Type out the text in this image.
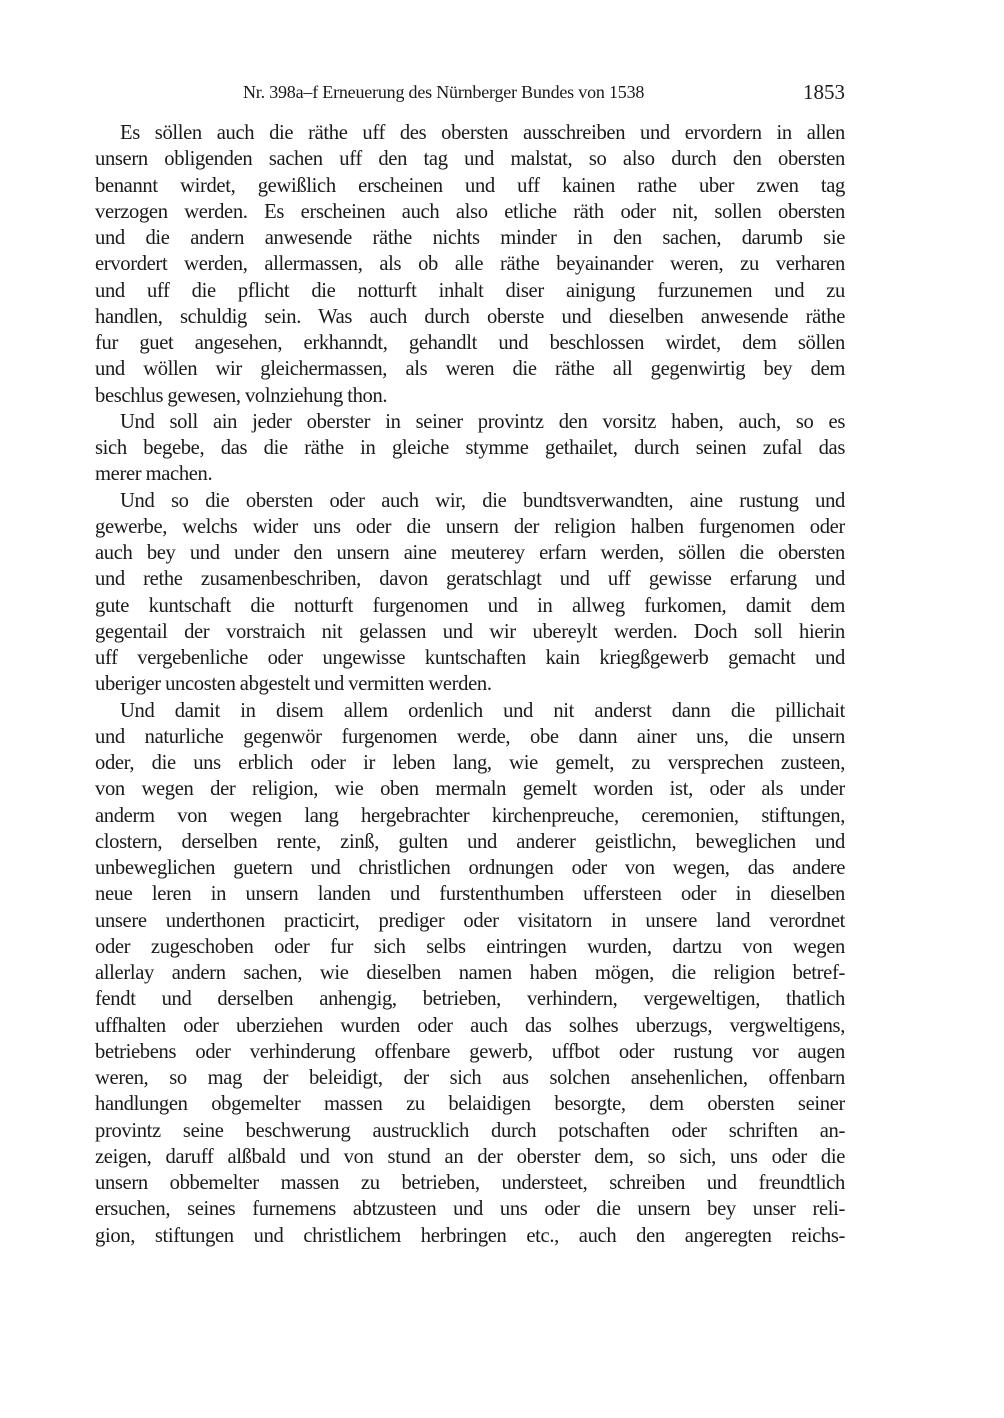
Nr. 398a–f Erneuerung des Nürnberger Bundes von 1538	1853
Es söllen auch die räthe uff des obersten ausschreiben und ervordern in allen
unsern obligenden sachen uff den tag und malstat, so also durch den obersten
benannt wirdet, gewißlich erscheinen und uff kainen rathe uber zwen tag
verzogen werden. Es erscheinen auch also etliche räth oder nit, sollen obersten
und die andern anwesende räthe nichts minder in den sachen, darumb sie
ervordert werden, allermassen, als ob alle räthe beyainander weren, zu verharen
und uff die pflicht die notturft inhalt diser ainigung furzunemen und zu
handlen, schuldig sein. Was auch durch oberste und dieselben anwesende räthe
fur guet angesehen, erkhanndt, gehandlt und beschlossen wirdet, dem söllen
und wöllen wir gleichermassen, als weren die räthe all gegenwirtig bey dem
beschlus gewesen, volnziehung thon.
Und soll ain jeder oberster in seiner provintz den vorsitz haben, auch, so es
sich begebe, das die räthe in gleiche stymme gethailet, durch seinen zufal das
merer machen.
Und so die obersten oder auch wir, die bundtsverwandten, aine rustung und
gewerbe, welchs wider uns oder die unsern der religion halben furgenomen oder
auch bey und under den unsern aine meuterey erfarn werden, söllen die obersten
und rethe zusamenbeschriben, davon geratschlagt und uff gewisse erfarung und
gute kuntschaft die notturft furgenomen und in allweg furkomen, damit dem
gegentail der vorstraich nit gelassen und wir ubereylt werden. Doch soll hierin
uff vergebenliche oder ungewisse kuntschaften kain kriegßgewerb gemacht und
uberiger uncosten abgestelt und vermitten werden.
Und damit in disem allem ordenlich und nit anderst dann die pillichait
und naturliche gegenwör furgenomen werde, obe dann ainer uns, die unsern
oder, die uns erblich oder ir leben lang, wie gemelt, zu versprechen zusteen,
von wegen der religion, wie oben mermaln gemelt worden ist, oder als under
anderm von wegen lang hergebrachter kirchenpreuche, ceremonien, stiftungen,
clostern, derselben rente, zinß, gulten und anderer geistlichn, beweglichen und
unbeweglichen guetern und christlichen ordnungen oder von wegen, das andere
neue leren in unsern landen und furstenthumben uffersteen oder in dieselben
unsere underthonen practicirt, prediger oder visitatorn in unsere land verordnet
oder zugeschoben oder fur sich selbs eintringen wurden, dartzu von wegen
allerlay andern sachen, wie dieselben namen haben mögen, die religion betref-
fendt und derselben anhengig, betrieben, verhindern, vergeweltigen, thatlich
uffhalten oder uberziehen wurden oder auch das solhes uberzugs, vergweltigens,
betriebens oder verhinderung offenbare gewerb, uffbot oder rustung vor augen
weren, so mag der beleidigt, der sich aus solchen ansehenlichen, offenbarn
handlungen obgemelter massen zu belaidigen besorgte, dem obersten seiner
provintz seine beschwerung austrucklich durch potschaften oder schriften an-
zeigen, daruff alßbald und von stund an der oberster dem, so sich, uns oder die
unsern obbemelter massen zu betrieben, understeet, schreiben und freundtlich
ersuchen, seines furnemens abtzusteen und uns oder die unsern bey unser reli-
gion, stiftungen und christlichem herbringen etc., auch den angeregten reichs-
